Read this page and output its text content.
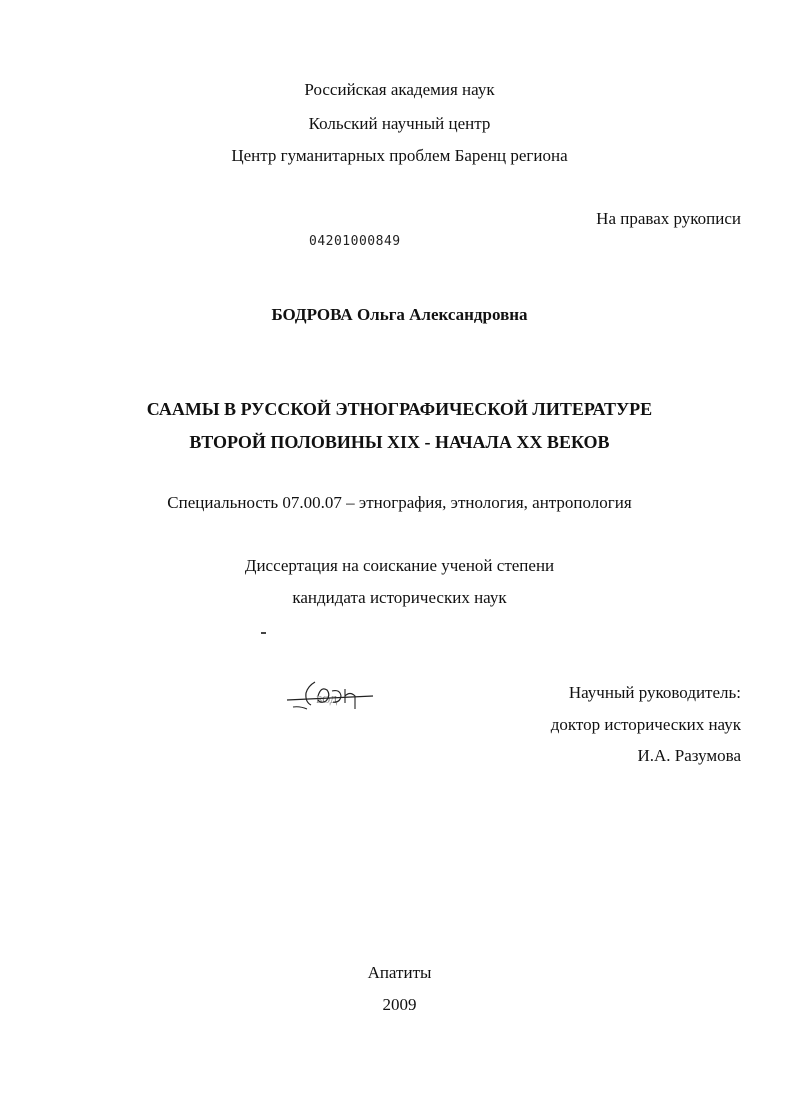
Российская академия наук
Кольский научный центр
Центр гуманитарных проблем Баренц региона
На правах рукописи
04201000849
БОДРОВА Ольга Александровна
СААМЫ В РУССКОЙ ЭТНОГРАФИЧЕСКОЙ ЛИТЕРАТУРЕ
ВТОРОЙ ПОЛОВИНЫ XIX - НАЧАЛА XX ВЕКОВ
Специальность 07.00.07 – этнография, этнология, антропология
Диссертация на соискание ученой степени
кандидата исторических наук
БОД	Научный руководитель:
доктор исторических наук
И.А. Разумова
Апатиты
2009
